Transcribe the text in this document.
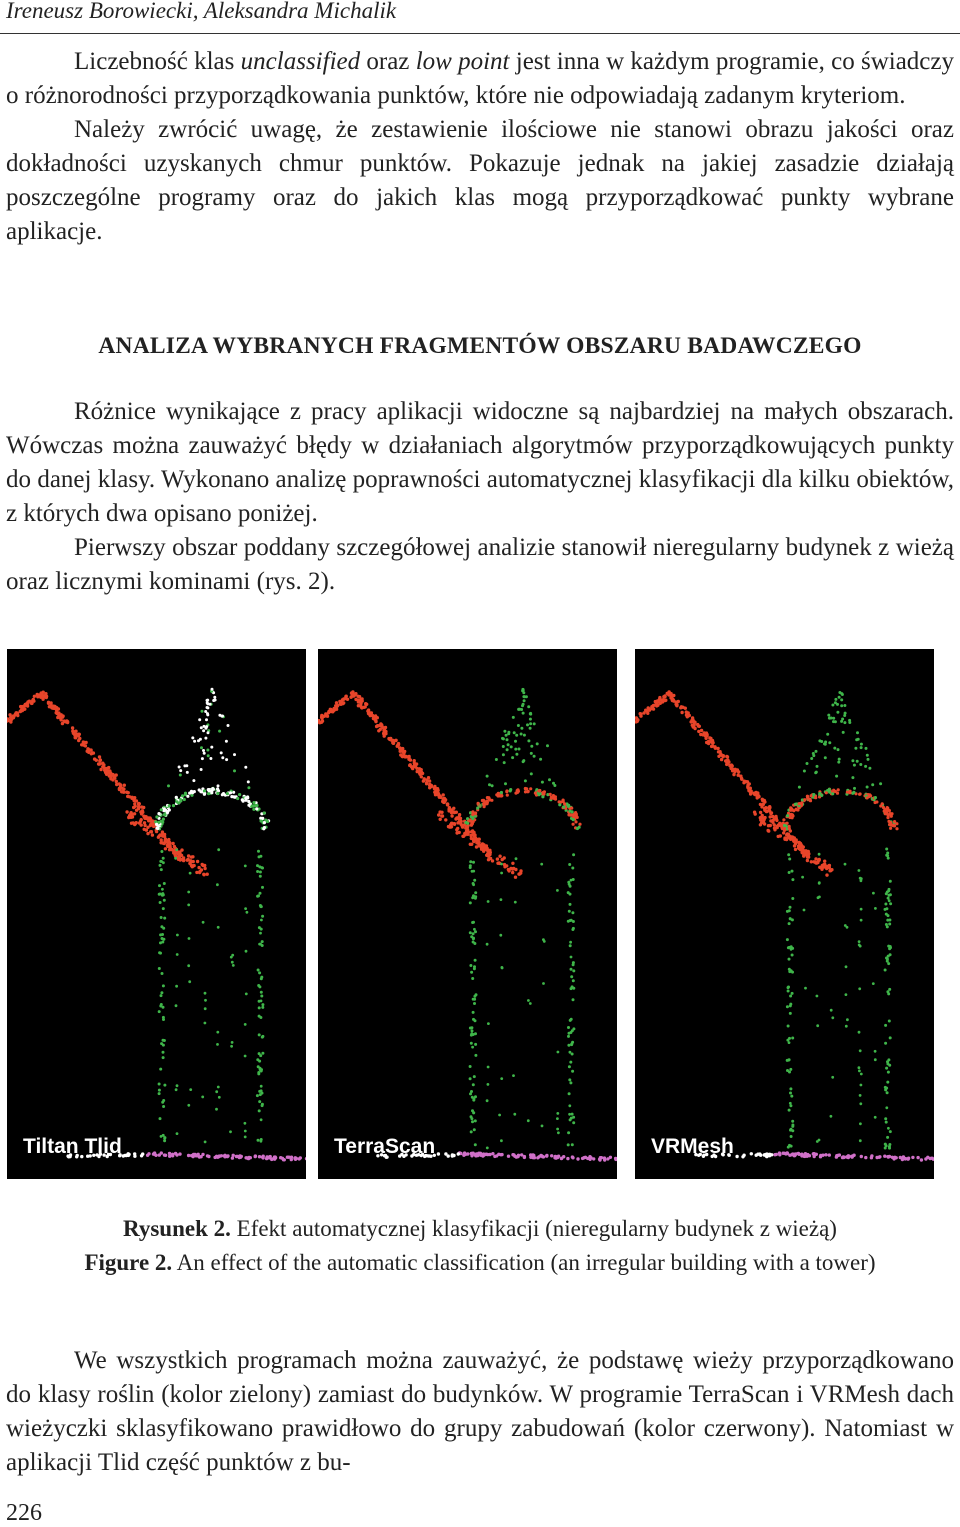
Ireneusz Borowiecki, Aleksandra Michalik

Liczebność klas unclassified oraz low point jest inna w każdym programie, co świadczy o różnorodności przyporządkowania punktów, które nie odpowiadają zadanym kryteriom.

Należy zwrócić uwagę, że zestawienie ilościowe nie stanowi obrazu jakości oraz dokładności uzyskanych chmur punktów. Pokazuje jednak na jakiej zasadzie działają poszczególne programy oraz do jakich klas mogą przyporządkować punkty wybrane aplikacje.

ANALIZA WYBRANYCH FRAGMENTÓW OBSZARU BADAWCZEGO

Różnice wynikające z pracy aplikacji widoczne są najbardziej na małych obszarach. Wówczas można zauważyć błędy w działaniach algorytmów przyporządkowujących punkty do danej klasy. Wykonano analizę poprawności automatycznej klasyfikacji dla kilku obiektów, z których dwa opisano poniżej.

Pierwszy obszar poddany szczegółowej analizie stanowił nieregularny budynek z wieżą oraz licznymi kominami (rys. 2).

Tiltan Tlid	TerraScan	VRMesh
Rysunek 2. Efekt automatycznej klasyfikacji (nieregularny budynek z wieżą)
Figure 2. An effect of the automatic classification (an irregular building with a tower)

We wszystkich programach można zauważyć, że podstawę wieży przyporządkowano do klasy roślin (kolor zielony) zamiast do budynków. W programie TerraScan i VRMesh dach wieżyczki sklasyfikowano prawidłowo do grupy zabudowań (kolor czerwony). Natomiast w aplikacji Tlid część punktów z bu-

226
